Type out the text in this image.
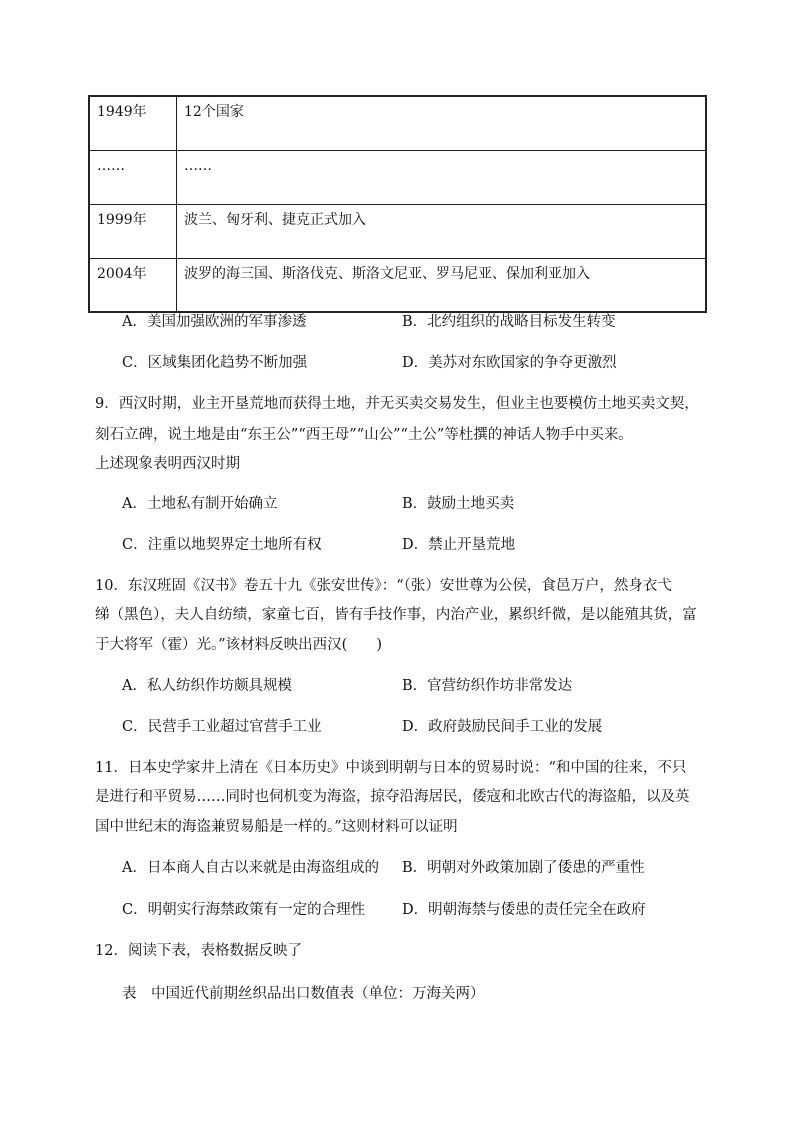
1949年	12个国家
……	……
1999年	波兰、匈牙利、捷克正式加入
2004年	波罗的海三国、斯洛伐克、斯洛文尼亚、罗马尼亚、保加利亚加入
A．美国加强欧洲的军事渗透	B．北约组织的战略目标发生转变
C．区域集团化趋势不断加强	D．美苏对东欧国家的争夺更激烈
9．西汉时期，业主开垦荒地而获得土地，并无买卖交易发生，但业主也要模仿土地买卖文契，
刻石立碑，说土地是由“东王公”“西王母”“山公”“土公”等杜撰的神话人物手中买来。
上述现象表明西汉时期
A．土地私有制开始确立	B．鼓励土地买卖
C．注重以地契界定土地所有权	D．禁止开垦荒地
10．东汉班固《汉书》卷五十九《张安世传》：“（张）安世尊为公侯，食邑万户，然身衣弋
绨（黑色），夫人自纺绩，家童七百，皆有手技作事，内治产业，累织纤微，是以能殖其货，富
于大将军（霍）光。”该材料反映出西汉(　　)
A．私人纺织作坊颇具规模	B．官营纺织作坊非常发达
C．民营手工业超过官营手工业	D．政府鼓励民间手工业的发展
11．日本史学家井上清在《日本历史》中谈到明朝与日本的贸易时说：“和中国的往来，不只
是进行和平贸易……同时也伺机变为海盗，掠夺沿海居民，倭寇和北欧古代的海盗船，以及英
国中世纪末的海盗兼贸易船是一样的。”这则材料可以证明
A．日本商人自古以来就是由海盗组成的 B．明朝对外政策加剧了倭患的严重性
C．明朝实行海禁政策有一定的合理性	D．明朝海禁与倭患的责任完全在政府
12．阅读下表，表格数据反映了
表　中国近代前期丝织品出口数值表（单位：万海关两）
